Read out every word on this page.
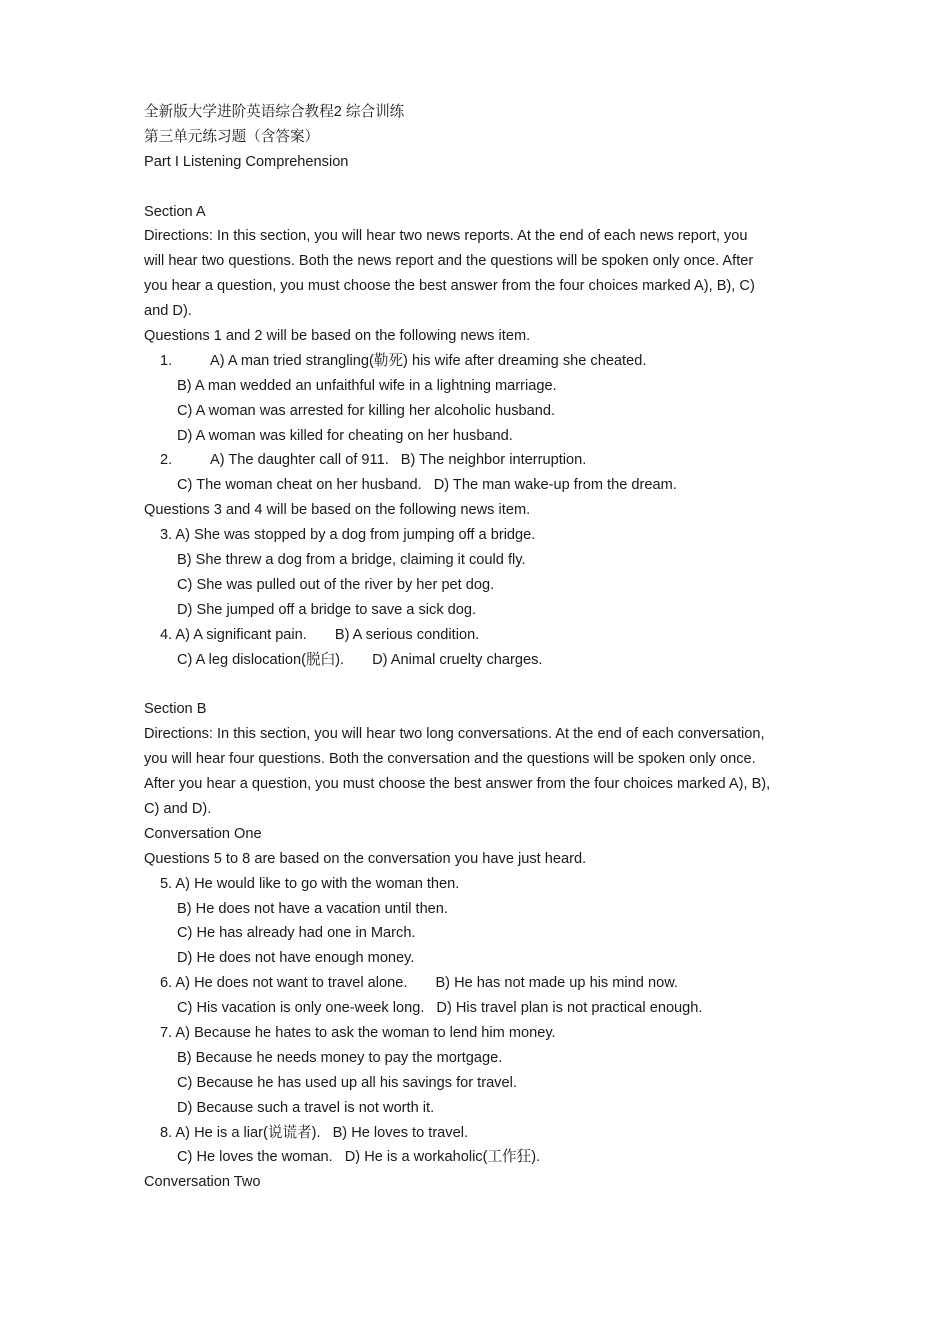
全新版大学进阶英语综合教程2 综合训练
第三单元练习题（含答案）
Part I Listening Comprehension
Section A
Directions: In this section, you will hear two news reports. At the end of each news report, you
will hear two questions. Both the news report and the questions will be spoken only once. After
you hear a question, you must choose the best answer from the four choices marked A), B), C)
and D).
Questions 1 and 2 will be based on the following news item.
1.	A) A man tried strangling(勒死) his wife after dreaming she cheated.
B) A man wedded an unfaithful wife in a lightning marriage.
C) A woman was arrested for killing her alcoholic husband.
D) A woman was killed for cheating on her husband.
2.	A) The daughter call of 911. B) The neighbor interruption.
C) The woman cheat on her husband. D) The man wake-up from the dream.
Questions 3 and 4 will be based on the following news item.
3. A) She was stopped by a dog from jumping off a bridge.
B) She threw a dog from a bridge, claiming it could fly.
C) She was pulled out of the river by her pet dog.
D) She jumped off a bridge to save a sick dog.
4. A) A significant pain. B) A serious condition.
C) A leg dislocation(脱臼). D) Animal cruelty charges.
Section B
Directions: In this section, you will hear two long conversations. At the end of each conversation,
you will hear four questions. Both the conversation and the questions will be spoken only once.
After you hear a question, you must choose the best answer from the four choices marked A), B),
C) and D).
Conversation One
Questions 5 to 8 are based on the conversation you have just heard.
5. A) He would like to go with the woman then.
B) He does not have a vacation until then.
C) He has already had one in March.
D) He does not have enough money.
6. A) He does not want to travel alone. B) He has not made up his mind now.
C) His vacation is only one-week long. D) His travel plan is not practical enough.
7. A) Because he hates to ask the woman to lend him money.
B) Because he needs money to pay the mortgage.
C) Because he has used up all his savings for travel.
D) Because such a travel is not worth it.
8. A) He is a liar(说谎者). B) He loves to travel.
C) He loves the woman. D) He is a workaholic(工作狂).
Conversation Two
